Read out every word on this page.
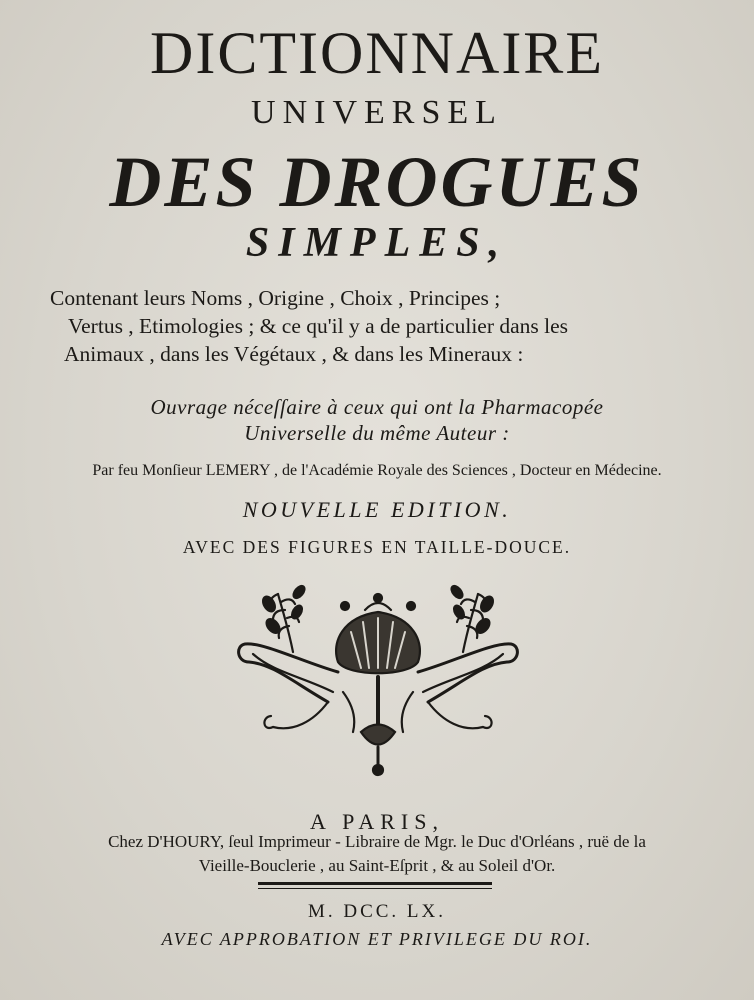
DICTIONNAIRE
UNIVERSEL
DES DROGUES
SIMPLES,
Contenant leurs Noms , Origine , Choix , Principes ;
Vertus , Etimologies ; & ce qu'il y a de particulier dans les
Animaux , dans les Végétaux , & dans les Mineraux :
Ouvrage néceſſaire à ceux qui ont la Pharmacopée
Universelle du même Auteur :
Par feu Monſieur LEMERY , de l'Académie Royale des Sciences , Docteur en Médecine.
NOUVELLE EDITION.
AVEC DES FIGURES EN TAILLE-DOUCE.
A PARIS,
Chez D'HOURY, ſeul Imprimeur - Libraire de Mgr. le Duc d'Orléans , ruë de la
Vieille-Bouclerie , au Saint-Eſprit , & au Soleil d'Or.
M. DCC. LX.
AVEC APPROBATION ET PRIVILEGE DU ROI.
